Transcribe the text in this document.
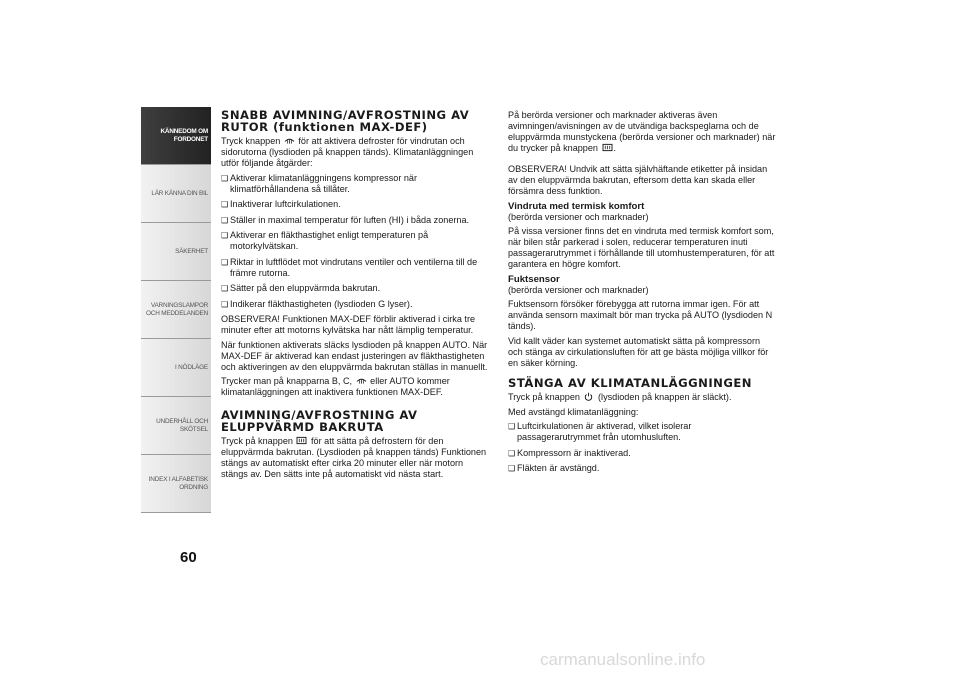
KÄNNEDOM OM
FORDONET
LÄR KÄNNA DIN BIL
SÄKERHET
VARNINGSLAMPOR
OCH MEDDELANDEN
I NÖDLÄGE
UNDERHÅLL OCH
SKÖTSEL
INDEX I ALFABETISK
ORDNING
60
SNABB AVIMNING/AVFROSTNING AV RUTOR (funktionen MAX-DEF)

Tryck knappen för att aktivera defroster för vindrutan och sidorutorna (lysdioden på knappen tänds). Klimatanläggningen utför följande åtgärder:

❑ Aktiverar klimatanläggningens kompressor när klimatförhållandena så tillåter.
❑ Inaktiverar luftcirkulationen.
❑ Ställer in maximal temperatur för luften (HI) i båda zonerna.
❑ Aktiverar en fläkthastighet enligt temperaturen på motorkylvätskan.
❑ Riktar in luftflödet mot vindrutans ventiler och ventilerna till de främre rutorna.
❑ Sätter på den eluppvärmda bakrutan.
❑ Indikerar fläkthastigheten (lysdioden G lyser).

OBSERVERA! Funktionen MAX-DEF förblir aktiverad i cirka tre minuter efter att motorns kylvätska har nått lämplig temperatur.

När funktionen aktiverats släcks lysdioden på knappen AUTO. När MAX-DEF är aktiverad kan endast justeringen av fläkthastigheten och aktiveringen av den eluppvärmda bakrutan ställas in manuellt.

Trycker man på knapparna B, C, eller AUTO kommer klimatanläggningen att inaktivera funktionen MAX-DEF.

AVIMNING/AVFROSTNING AV ELUPPVÄRMD BAKRUTA

Tryck på knappen för att sätta på defrostern för den eluppvärmda bakrutan. (Lysdioden på knappen tänds) Funktionen stängs av automatiskt efter cirka 20 minuter eller när motorn stängs av. Den sätts inte på automatiskt vid nästa start.

På berörda versioner och marknader aktiveras även avimningen/avisningen av de utvändiga backspeglarna och de eluppvärmda munstyckena (berörda versioner och marknader) när du trycker på knappen .

OBSERVERA! Undvik att sätta självhäftande etiketter på insidan av den eluppvärmda bakrutan, eftersom detta kan skada eller försämra dess funktion.

Vindruta med termisk komfort

(berörda versioner och marknader)

På vissa versioner finns det en vindruta med termisk komfort som, när bilen står parkerad i solen, reducerar temperaturen inuti passagerarutrymmet i förhållande till utomhustemperaturen, för att garantera en högre komfort.

Fuktsensor

(berörda versioner och marknader)

Fuktsensorn försöker förebygga att rutorna immar igen. För att använda sensorn maximalt bör man trycka på AUTO (lysdioden N tänds).

Vid kallt väder kan systemet automatiskt sätta på kompressorn och stänga av cirkulationsluften för att ge bästa möjliga villkor för en säker körning.

STÄNGA AV KLIMATANLÄGGNINGEN

Tryck på knappen (lysdioden på knappen är släckt).

Med avstängd klimatanläggning:

❑ Luftcirkulationen är aktiverad, vilket isolerar passagerarutrymmet från utomhusluften.
❑ Kompressorn är inaktiverad.
❑ Fläkten är avstängd.
carmanualsonline.info
